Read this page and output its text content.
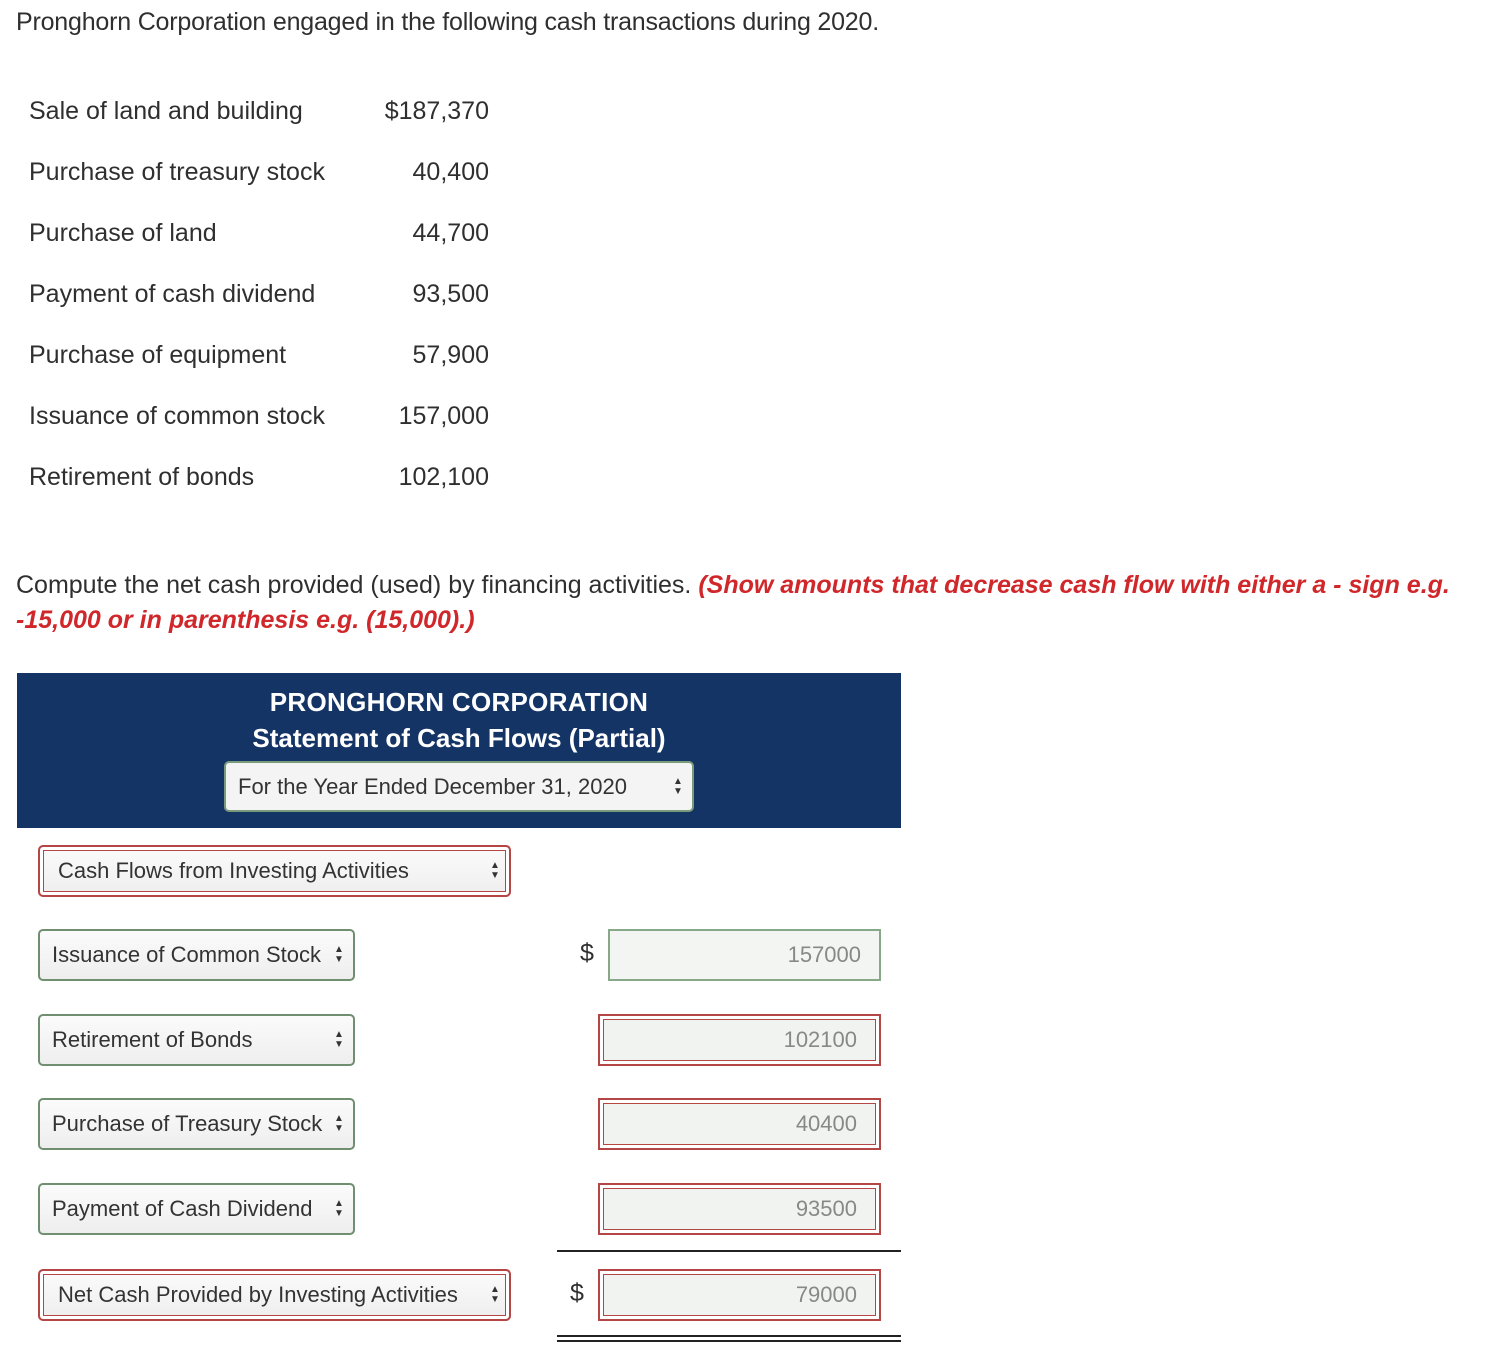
Pronghorn Corporation engaged in the following cash transactions during 2020.
Sale of land and building	$187,370
Purchase of treasury stock	40,400
Purchase of land	44,700
Payment of cash dividend	93,500
Purchase of equipment	57,900
Issuance of common stock	157,000
Retirement of bonds	102,100
Compute the net cash provided (used) by financing activities. (Show amounts that decrease cash flow with either a - sign e.g. -15,000 or in parenthesis e.g. (15,000).)
PRONGHORN CORPORATION
Statement of Cash Flows (Partial)
For the Year Ended December 31, 2020	▲
▼
Cash Flows from Investing Activities	▲
▼
Issuance of Common Stock	▲
▼	$	157000
Retirement of Bonds	▲
▼	102100
Purchase of Treasury Stock	▲
▼	40400
Payment of Cash Dividend	▲
▼	93500
Net Cash Provided by Investing Activities	▲
▼	$	79000
